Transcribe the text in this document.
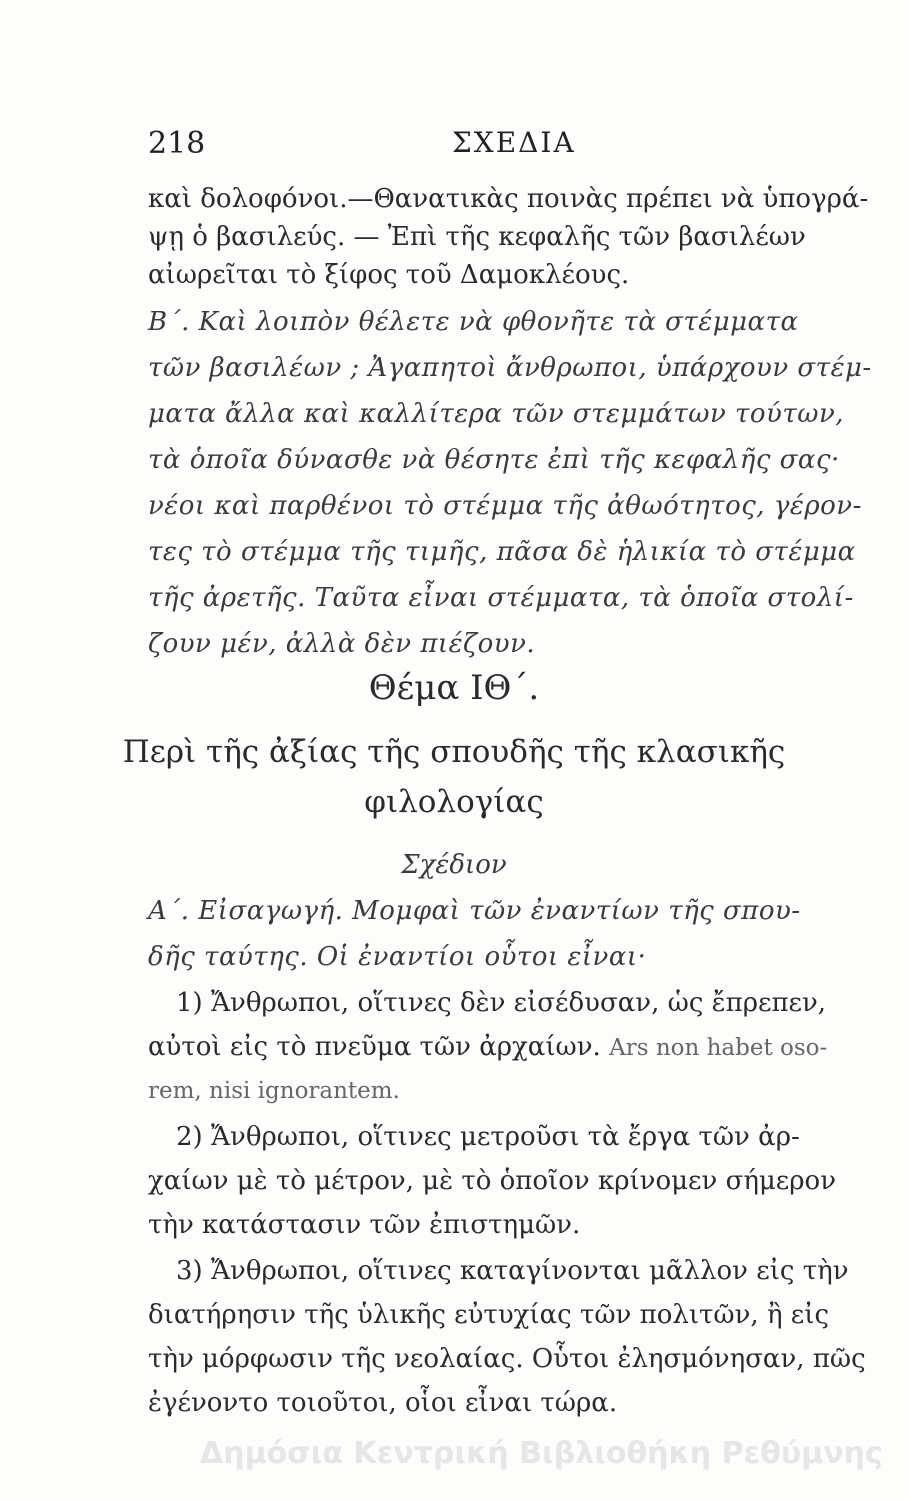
218	ΣΧΕΔΙΑ
καὶ δολοφόνοι.—Θανατικὰς ποινὰς πρέπει νὰ ὑπογρά-
ψῃ ὁ βασιλεύς. — Ἐπὶ τῆς κεφαλῆς τῶν βασιλέων
αἰωρεῖται τὸ ξίφος τοῦ Δαμοκλέους.
Β΄. Καὶ λοιπὸν θέλετε νὰ φθονῆτε τὰ στέμματα
τῶν βασιλέων ; Ἀγαπητοὶ ἄνθρωποι, ὑπάρχουν στέμ-
ματα ἄλλα καὶ καλλίτερα τῶν στεμμάτων τούτων,
τὰ ὁποῖα δύνασθε νὰ θέσητε ἐπὶ τῆς κεφαλῆς σας·
νέοι καὶ παρθένοι τὸ στέμμα τῆς ἀθωότητος, γέρον-
τες τὸ στέμμα τῆς τιμῆς, πᾶσα δὲ ἡλικία τὸ στέμμα
τῆς ἀρετῆς. Ταῦτα εἶναι στέμματα, τὰ ὁποῖα στολί-
ζουν μέν, ἀλλὰ δὲν πιέζουν.
Θέμα ΙΘ΄.
Περὶ τῆς ἀξίας τῆς σπουδῆς τῆς κλασικῆς
φιλολογίας
Σχέδιον
Α΄. Εἰσαγωγή. Μομφαὶ τῶν ἐναντίων τῆς σπου-
δῆς ταύτης. Οἱ ἐναντίοι οὗτοι εἶναι·
1) Ἄνθρωποι, οἵτινες δὲν εἰσέδυσαν, ὡς ἔπρεπεν,
αὐτοὶ εἰς τὸ πνεῦμα τῶν ἀρχαίων. Ars non habet oso-
rem, nisi ignorantem.
2) Ἄνθρωποι, οἵτινες μετροῦσι τὰ ἔργα τῶν ἀρ-
χαίων μὲ τὸ μέτρον, μὲ τὸ ὁποῖον κρίνομεν σήμερον
τὴν κατάστασιν τῶν ἐπιστημῶν.
3) Ἄνθρωποι, οἵτινες καταγίνονται μᾶλλον εἰς τὴν
διατήρησιν τῆς ὑλικῆς εὐτυχίας τῶν πολιτῶν, ἢ εἰς
τὴν μόρφωσιν τῆς νεολαίας. Οὗτοι ἐλησμόνησαν, πῶς
ἐγένοντο τοιοῦτοι, οἷοι εἶναι τώρα.
Δημόσια Κεντρική Βιβλιοθήκη Ρεθύμνης
